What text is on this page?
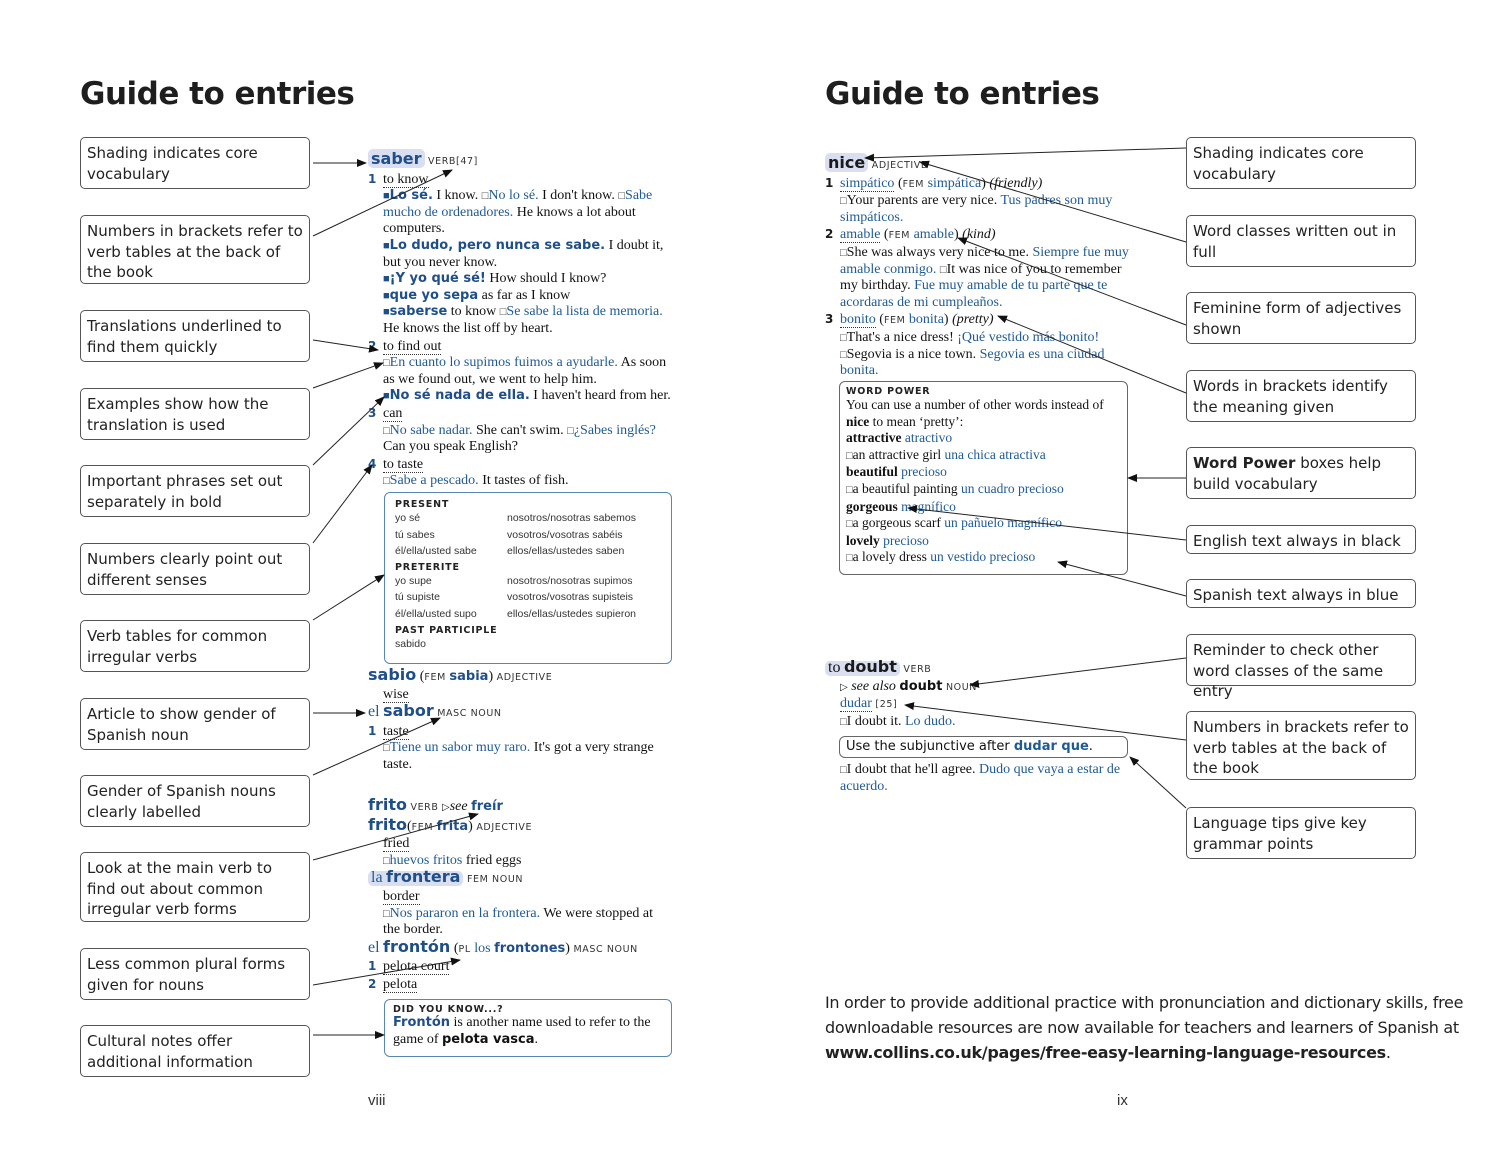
Guide to entries
Shading indicates core vocabulary
Numbers in brackets refer to verb tables at the back of the book
Translations underlined to find them quickly
Examples show how the translation is used
Important phrases set out separately in bold
Numbers clearly point out different senses
Verb tables for common irregular verbs
Article to show gender of Spanish noun
Gender of Spanish nouns clearly labelled
Look at the main verb to find out about common irregular verb forms
Less common plural forms given for nouns
Cultural notes offer additional information
saber VERB[47]
1 to know
■Lo sé. I know. □No lo sé. I don't know. □Sabe mucho de ordenadores. He knows a lot about computers.
■Lo dudo, pero nunca se sabe. I doubt it, but you never know.
■¡Y yo qué sé! How should I know?
■que yo sepa as far as I know
■saberse to know □Se sabe la lista de memoria. He knows the list off by heart.
2 to find out
□En cuanto lo supimos fuimos a ayudarle. As soon as we found out, we went to help him.
■No sé nada de ella. I haven't heard from her.
3 can
□No sabe nadar. She can't swim. □¿Sabes inglés? Can you speak English?
4 to taste
□Sabe a pescado. It tastes of fish.
PRESENT
yo sé	nosotros/nosotras sabemos
tú sabes	vosotros/vosotras sabéis
él/ella/usted sabe	ellos/ellas/ustedes saben
PRETERITE
yo supe	nosotros/nosotras supimos
tú supiste	vosotros/vosotras supisteis
él/ella/usted supo	ellos/ellas/ustedes supieron
PAST PARTICIPLE
sabido
sabio (FEM sabia) ADJECTIVE
wise
el sabor MASC NOUN
1 taste
□Tiene un sabor muy raro. It's got a very strange taste.
frito VERB ▷see freír
frito(FEM frita) ADJECTIVE
fried
□huevos fritos fried eggs
la frontera FEM NOUN
border
□Nos pararon en la frontera. We were stopped at the border.
el frontón (PL los frontones) MASC NOUN
1 pelota court
2 pelota
DID YOU KNOW...?
Frontón is another name used to refer to the game of pelota vasca.
viii
Guide to entries
Shading indicates core vocabulary
Word classes written out in full
Feminine form of adjectives shown
Words in brackets identify the meaning given
Word Power boxes help build vocabulary
English text always in black
Spanish text always in blue
Reminder to check other word classes of the same entry
Numbers in brackets refer to verb tables at the back of the book
Language tips give key grammar points
nice ADJECTIVE
1 simpático (FEM simpática) (friendly)
□Your parents are very nice. Tus padres son muy simpáticos.
2 amable (FEM amable) (kind)
□She was always very nice to me. Siempre fue muy amable conmigo. □It was nice of you to remember my birthday. Fue muy amable de tu parte que te acordaras de mi cumpleaños.
3 bonito (FEM bonita) (pretty)
□That's a nice dress! ¡Qué vestido más bonito!
□Segovia is a nice town. Segovia es una ciudad bonita.
WORD POWER
You can use a number of other words instead of nice to mean ‘pretty’:
attractive atractivo
□an attractive girl una chica atractiva
beautiful precioso
□a beautiful painting un cuadro precioso
gorgeous magnífico
□a gorgeous scarf un pañuelo magnífico
lovely precioso
□a lovely dress un vestido precioso
to doubt VERB
▷ see also doubt NOUN
dudar [25]
□I doubt it. Lo dudo.
Use the subjunctive after dudar que.
□I doubt that he'll agree. Dudo que vaya a estar de acuerdo.
In order to provide additional practice with pronunciation and dictionary skills, free downloadable resources are now available for teachers and learners of Spanish at www.collins.co.uk/pages/free-easy-learning-language-resources.
ix
